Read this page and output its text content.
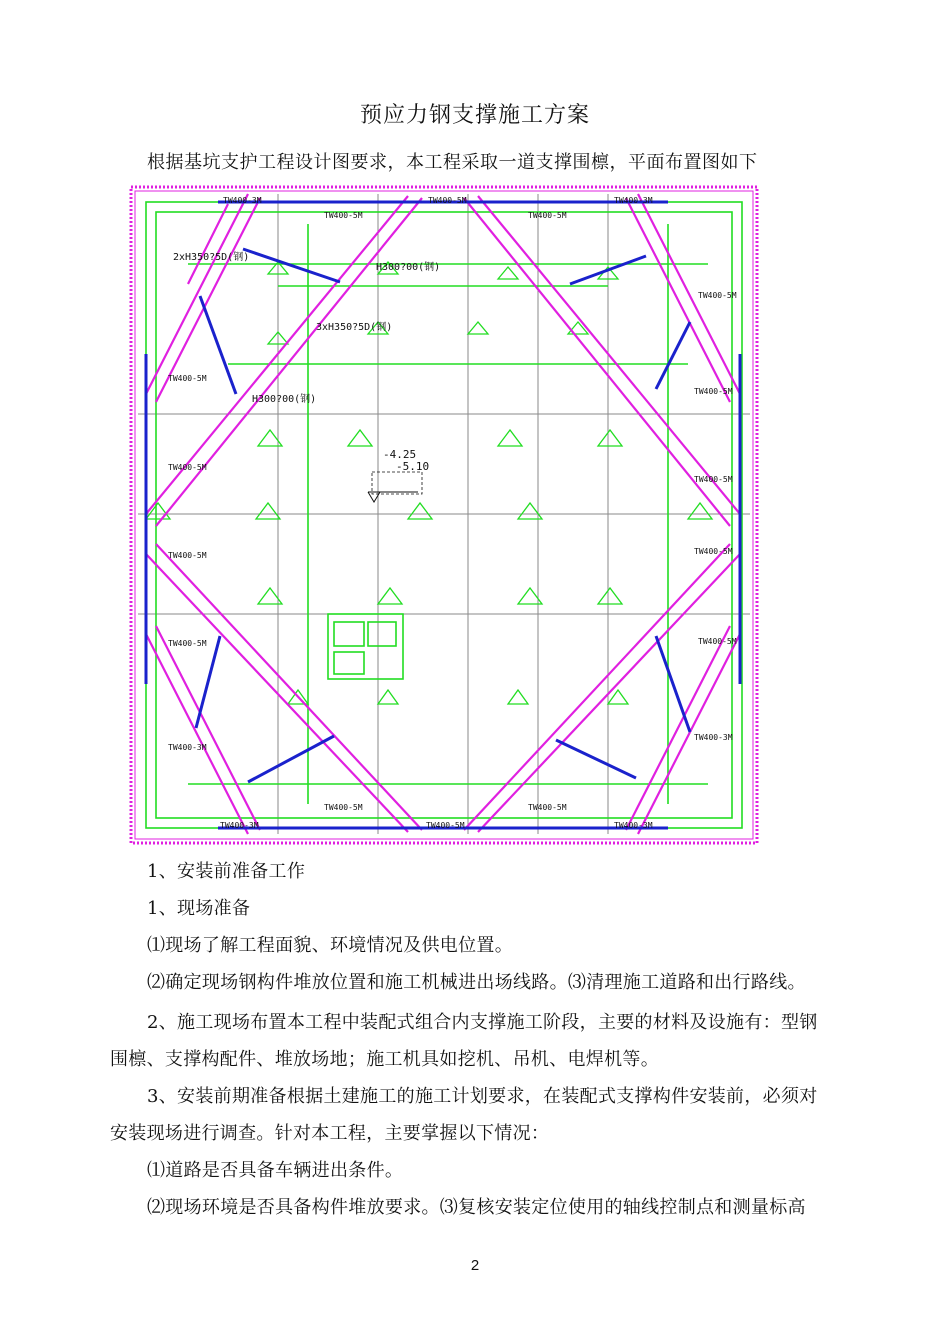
预应力钢支撑施工方案
根据基坑支护工程设计图要求，本工程采取一道支撑围檩，平面布置图如下
-4.25
-5.10
2xH350?5D(钢)
H300?00(钢)
3xH350?5D(钢)
H300?00(钢)
TW400-3M
TW400-5M
TW400-5M
TW400-5M
TW400-3M
TW400-3M
TW400-5M
TW400-5M
TW400-5M
TW400-3M
TW400-5M
TW400-5M
TW400-5M
TW400-5M
TW400-3M
TW400-5M
TW400-5M
TW400-5M
TW400-5M
TW400-5M
TW400-3M
1、安装前准备工作
1、现场准备
⑴现场了解工程面貌、环境情况及供电位置。
⑵确定现场钢构件堆放位置和施工机械进出场线路。⑶清理施工道路和出行路线。
2、施工现场布置本工程中装配式组合内支撑施工阶段，主要的材料及设施有：型钢
围檩、支撑构配件、堆放场地；施工机具如挖机、吊机、电焊机等。
3、安装前期准备根据土建施工的施工计划要求，在装配式支撑构件安装前，必须对
安装现场进行调查。针对本工程，主要掌握以下情况：
⑴道路是否具备车辆进出条件。
⑵现场环境是否具备构件堆放要求。⑶复核安装定位使用的轴线控制点和测量标高
2
